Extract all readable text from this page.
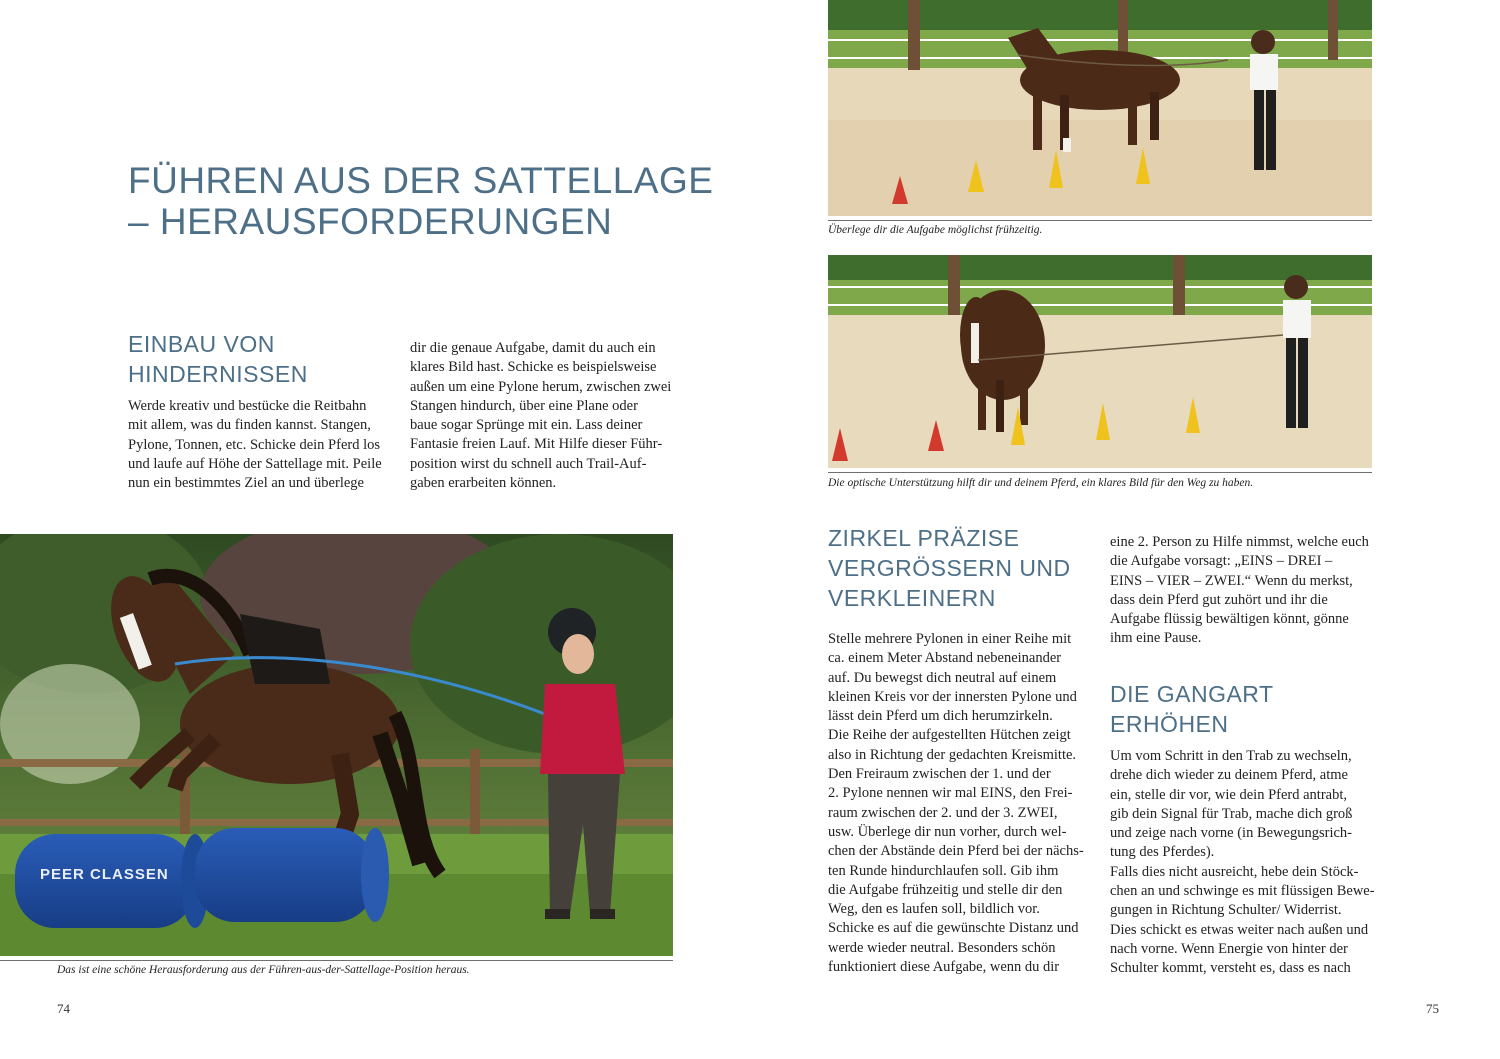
FÜHREN AUS DER SATTELLAGE
– HERAUSFORDERUNGEN
EINBAU VON
HINDERNISSEN
Werde kreativ und bestücke die Reitbahn
mit allem, was du finden kannst. Stangen,
Pylone, Tonnen, etc. Schicke dein Pferd los
und laufe auf Höhe der Sattellage mit. Peile
nun ein bestimmtes Ziel an und überlege
dir die genaue Aufgabe, damit du auch ein
klares Bild hast. Schicke es beispielsweise
außen um eine Pylone herum, zwischen zwei
Stangen hindurch, über eine Plane oder
baue sogar Sprünge mit ein. Lass deiner
Fantasie freien Lauf. Mit Hilfe dieser Führ-
position wirst du schnell auch Trail-Auf-
gaben erarbeiten können.
PEER CLASSEN
Das ist eine schöne Herausforderung aus der Führen-aus-der-Sattellage-Position heraus.
74
Überlege dir die Aufgabe möglichst frühzeitig.
Die optische Unterstützung hilft dir und deinem Pferd, ein klares Bild für den Weg zu haben.
ZIRKEL PRÄZISE
VERGRÖSSERN UND
VERKLEINERN
Stelle mehrere Pylonen in einer Reihe mit
ca. einem Meter Abstand nebeneinander
auf. Du bewegst dich neutral auf einem
kleinen Kreis vor der innersten Pylone und
lässt dein Pferd um dich herumzirkeln.
Die Reihe der aufgestellten Hütchen zeigt
also in Richtung der gedachten Kreismitte.
Den Freiraum zwischen der 1. und der
2. Pylone nennen wir mal EINS, den Frei-
raum zwischen der 2. und der 3. ZWEI,
usw. Überlege dir nun vorher, durch wel-
chen der Abstände dein Pferd bei der nächs-
ten Runde hindurchlaufen soll. Gib ihm
die Aufgabe frühzeitig und stelle dir den
Weg, den es laufen soll, bildlich vor.
Schicke es auf die gewünschte Distanz und
werde wieder neutral. Besonders schön
funktioniert diese Aufgabe, wenn du dir
eine 2. Person zu Hilfe nimmst, welche euch
die Aufgabe vorsagt: „EINS – DREI –
EINS – VIER – ZWEI.“ Wenn du merkst,
dass dein Pferd gut zuhört und ihr die
Aufgabe flüssig bewältigen könnt, gönne
ihm eine Pause.
DIE GANGART
ERHÖHEN
Um vom Schritt in den Trab zu wechseln,
drehe dich wieder zu deinem Pferd, atme
ein, stelle dir vor, wie dein Pferd antrabt,
gib dein Signal für Trab, mache dich groß
und zeige nach vorne (in Bewegungsrich-
tung des Pferdes).
Falls dies nicht ausreicht, hebe dein Stöck-
chen an und schwinge es mit flüssigen Bewe-
gungen in Richtung Schulter/ Widerrist.
Dies schickt es etwas weiter nach außen und
nach vorne. Wenn Energie von hinter der
Schulter kommt, versteht es, dass es nach
75
